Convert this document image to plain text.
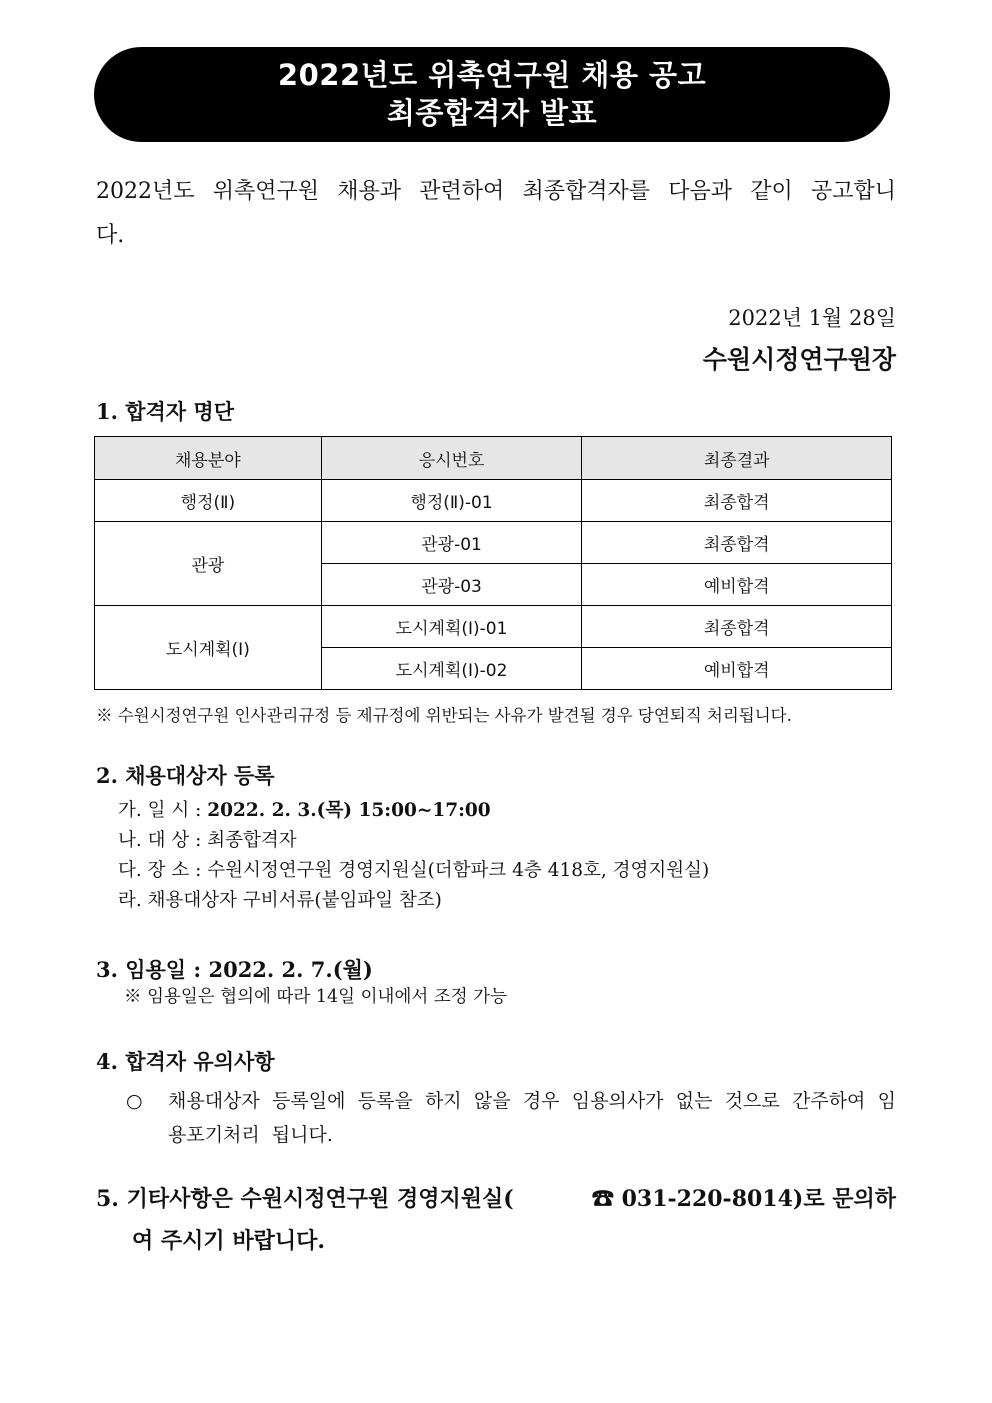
2022년도 위촉연구원 채용 공고
최종합격자 발표
2022년도 위촉연구원 채용과 관련하여 최종합격자를 다음과 같이 공고합니다.
2022년 1월 28일
수원시정연구원장
1. 합격자 명단
채용분야	응시번호	최종결과
행정(Ⅱ)	행정(Ⅱ)-01	최종합격
관광	관광-01	최종합격
	관광-03	예비합격
도시계획(Ⅰ)	도시계획(Ⅰ)-01	최종합격
	도시계획(Ⅰ)-02	예비합격
※ 수원시정연구원 인사관리규정 등 제규정에 위반되는 사유가 발견될 경우 당연퇴직 처리됩니다.
2. 채용대상자 등록
가. 일 시 : 2022. 2. 3.(목) 15:00~17:00
나. 대 상 : 최종합격자
다. 장 소 : 수원시정연구원 경영지원실(더함파크 4층 418호, 경영지원실)
라. 채용대상자 구비서류(붙임파일 참조)
3. 임용일 : 2022. 2. 7.(월)
※ 임용일은 협의에 따라 14일 이내에서 조정 가능
4. 합격자 유의사항
○ 채용대상자 등록일에 등록을 하지 않을 경우 임용의사가 없는 것으로 간주하여 임용포기처리 됩니다.
5. 기타사항은 수원시정연구원 경영지원실(	☎ 031-220-8014)로 문의하
여 주시기 바랍니다.
